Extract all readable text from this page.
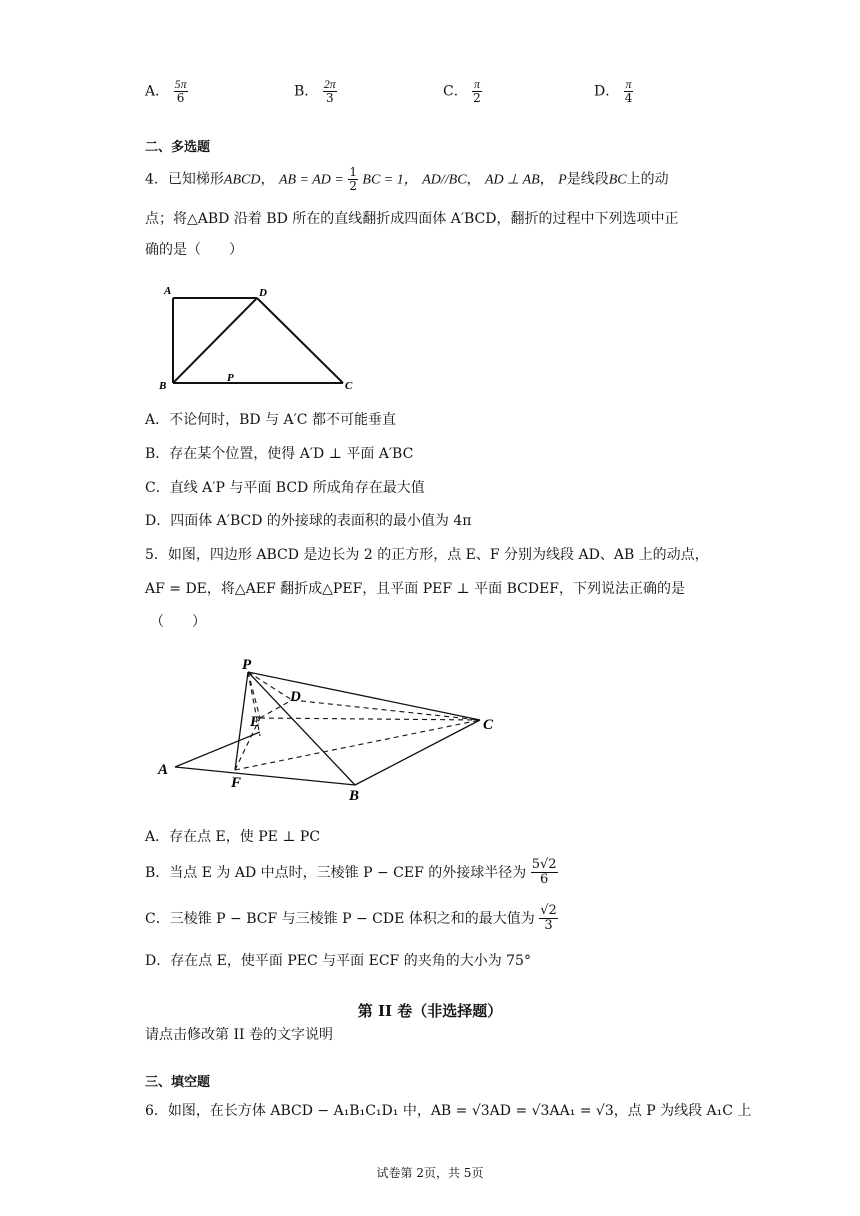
A． $\frac{5\pi}{6}$	B． $\frac{2\pi}{3}$	C． $\frac{\pi}{2}$	D． $\frac{\pi}{4}$
二、多选题
4．已知梯形ABCD， AB = AD = $\frac{1}{2}$ BC = 1， AD//BC， AD ⊥ AB， P是线段BC上的动
点；将△ABD 沿着 BD 所在的直线翻折成四面体 A′BCD，翻折的过程中下列选项中正
确的是（　　）
A	D
B
P
C
A．不论何时，BD 与 A′C 都不可能垂直
B．存在某个位置，使得 A′D ⊥ 平面 A′BC
C．直线 A′P 与平面 BCD 所成角存在最大值
D．四面体 A′BCD 的外接球的表面积的最小值为 4π
5．如图，四边形 ABCD 是边长为 2 的正方形，点 E、F 分别为线段 AD、AB 上的动点，
AF = DE，将△AEF 翻折成△PEF，且平面 PEF ⊥ 平面 BCDEF，下列说法正确的是
（　　）
P
D
E	C
A
F
B
A．存在点 E，使 PE ⊥ PC
B．当点 E 为 AD 中点时，三棱锥 P − CEF 的外接球半径为 $\frac{5√2}{6}$
C．三棱锥 P − BCF 与三棱锥 P − CDE 体积之和的最大值为 $\frac{√2}{3}$
D．存在点 E，使平面 PEC 与平面 ECF 的夹角的大小为 75°
第 II 卷（非选择题）
请点击修改第 II 卷的文字说明
三、填空题
6．如图，在长方体 ABCD − A₁B₁C₁D₁ 中，AB = √3AD = √3AA₁ = √3，点 P 为线段 A₁C 上
试卷第 2页，共 5页
